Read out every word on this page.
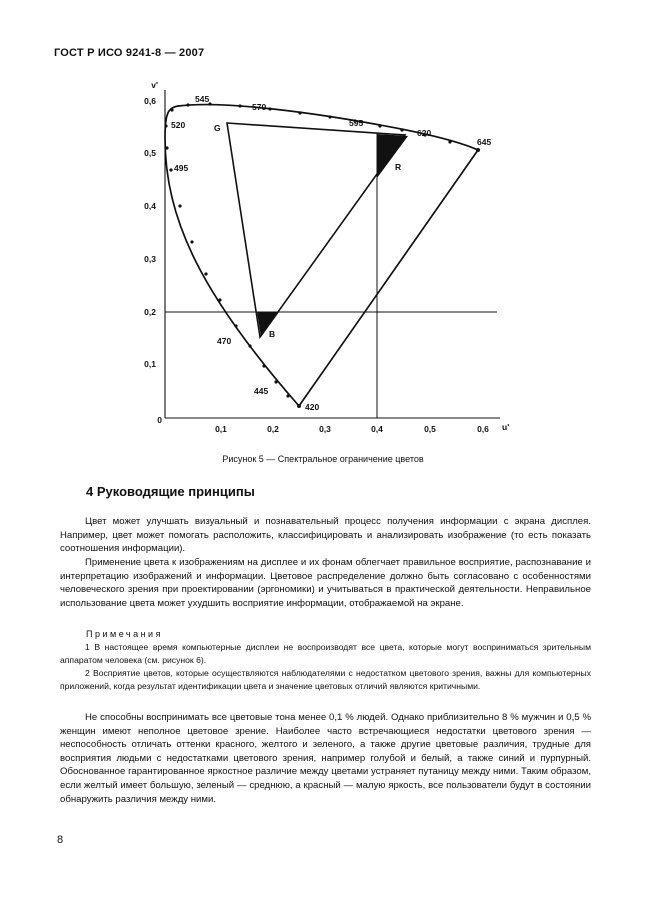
ГОСТ Р ИСО 9241-8 — 2007
v'
0,6
0,5
0,4
0,3
0,2
0,1
0
0,1	0,2	0,3	0,4	0,5	0,6 u'
545
570
595
620
645
520
495
470
445
420
G
R
B
Рисунок 5 — Спектральное ограничение цветов
4 Руководящие принципы

Цвет может улучшать визуальный и познавательный процесс получения информации с экрана дисплея. Например, цвет может помогать расположить, классифицировать и анализировать изображение (то есть показать соотношения информации).

Применение цвета к изображениям на дисплее и их фонам облегчает правильное восприятие, распознавание и интерпретацию изображений и информации. Цветовое распределение должно быть согласовано с особенностями человеческого зрения при проектировании (эргономики) и учитываться в практической деятельности. Неправильное использование цвета может ухудшить восприятие информации, отображаемой на экране.

Примечания

1 В настоящее время компьютерные дисплеи не воспроизводят все цвета, которые могут восприниматься зрительным аппаратом человека (см. рисунок 6).

2 Восприятие цветов, которые осуществляются наблюдателями с недостатком цветового зрения, важны для компьютерных приложений, когда результат идентификации цвета и значение цветовых отличий являются критичными.

Не способны воспринимать все цветовые тона менее 0,1 % людей. Однако приблизительно 8 % мужчин и 0,5 % женщин имеют неполное цветовое зрение. Наиболее часто встречающиеся недостатки цветового зрения — неспособность отличать оттенки красного, желтого и зеленого, а также другие цветовые различия, трудные для восприятия людьми с недостатками цветового зрения, например голубой и белый, а также синий и пурпурный. Обоснованное гарантированное яркостное различие между цветами устраняет путаницу между ними. Таким образом, если желтый имеет большую, зеленый — среднюю, а красный — малую яркость, все пользователи будут в состоянии обнаружить различия между ними.

8
